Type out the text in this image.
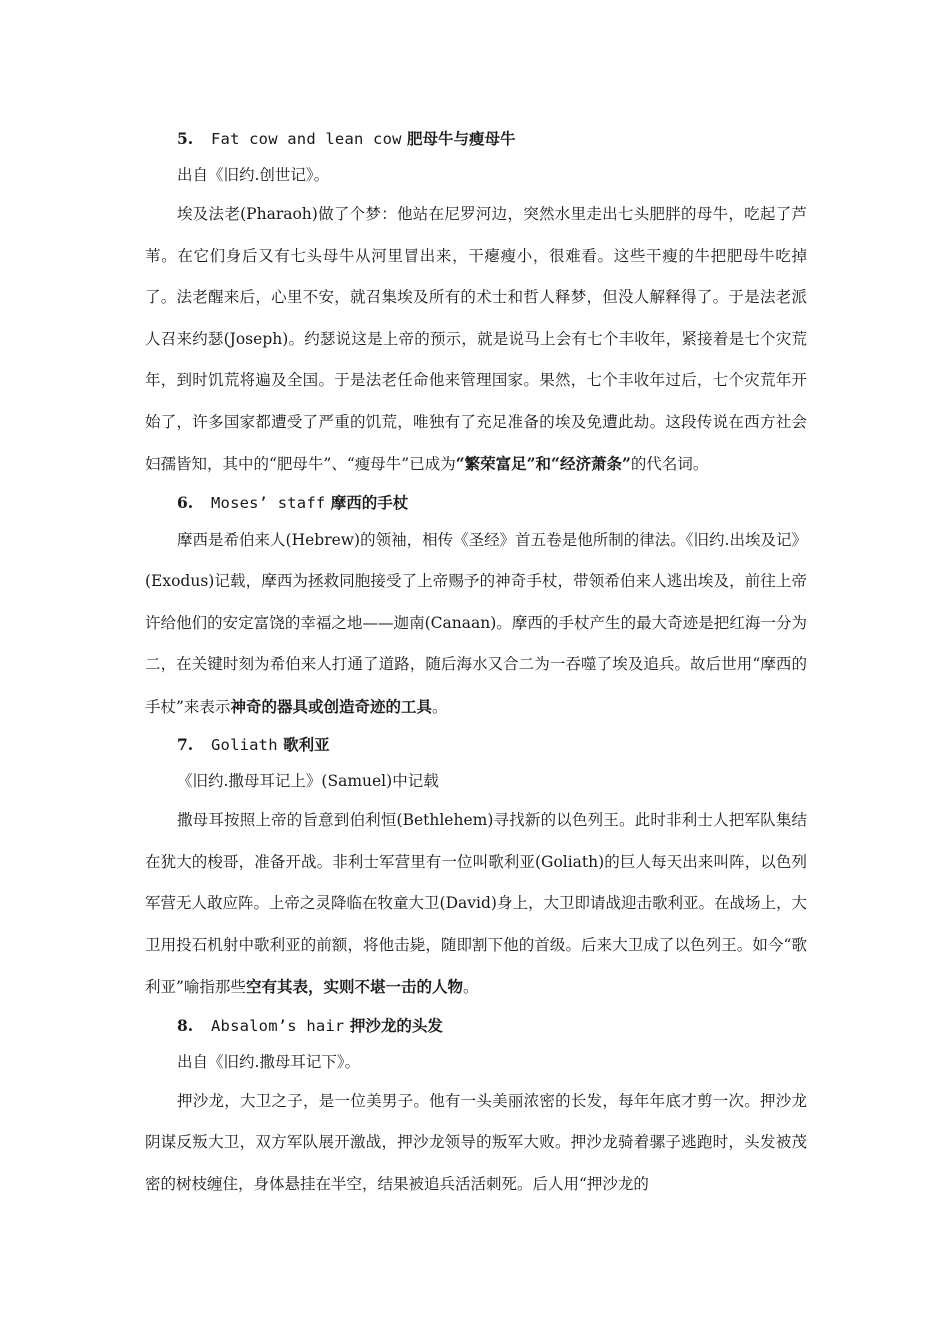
5. Fat cow and lean cow 肥母牛与瘦母牛
出自《旧约.创世记》。

埃及法老(Pharaoh)做了个梦：他站在尼罗河边，突然水里走出七头肥胖的母牛，吃起了芦苇。在它们身后又有七头母牛从河里冒出来，干瘪瘦小，很难看。这些干瘦的牛把肥母牛吃掉了。法老醒来后，心里不安，就召集埃及所有的术士和哲人释梦，但没人解释得了。于是法老派人召来约瑟(Joseph)。约瑟说这是上帝的预示，就是说马上会有七个丰收年，紧接着是七个灾荒年，到时饥荒将遍及全国。于是法老任命他来管理国家。果然，七个丰收年过后，七个灾荒年开始了，许多国家都遭受了严重的饥荒，唯独有了充足准备的埃及免遭此劫。这段传说在西方社会妇孺皆知，其中的“肥母牛”、“瘦母牛”已成为“繁荣富足”和“经济萧条”的代名词。

6. Moses’ staff 摩西的手杖

摩西是希伯来人(Hebrew)的领袖，相传《圣经》首五卷是他所制的律法。《旧约.出埃及记》(Exodus)记载，摩西为拯救同胞接受了上帝赐予的神奇手杖，带领希伯来人逃出埃及，前往上帝许给他们的安定富饶的幸福之地——迦南(Canaan)。摩西的手杖产生的最大奇迹是把红海一分为二，在关键时刻为希伯来人打通了道路，随后海水又合二为一吞噬了埃及追兵。故后世用“摩西的手杖”来表示神奇的器具或创造奇迹的工具。

7. Goliath 歌利亚
《旧约.撒母耳记上》(Samuel)中记载

撒母耳按照上帝的旨意到伯利恒(Bethlehem)寻找新的以色列王。此时非利士人把军队集结在犹大的梭哥，准备开战。非利士军营里有一位叫歌利亚(Goliath)的巨人每天出来叫阵，以色列军营无人敢应阵。上帝之灵降临在牧童大卫(David)身上，大卫即请战迎击歌利亚。在战场上，大卫用投石机射中歌利亚的前额，将他击毙，随即割下他的首级。后来大卫成了以色列王。如今“歌利亚”喻指那些空有其表，实则不堪一击的人物。

8. Absalom’s hair 押沙龙的头发
出自《旧约.撒母耳记下》。

押沙龙，大卫之子，是一位美男子。他有一头美丽浓密的长发，每年年底才剪一次。押沙龙阴谋反叛大卫，双方军队展开激战，押沙龙领导的叛军大败。押沙龙骑着骡子逃跑时，头发被茂密的树枝缠住，身体悬挂在半空，结果被追兵活活刺死。后人用“押沙龙的
